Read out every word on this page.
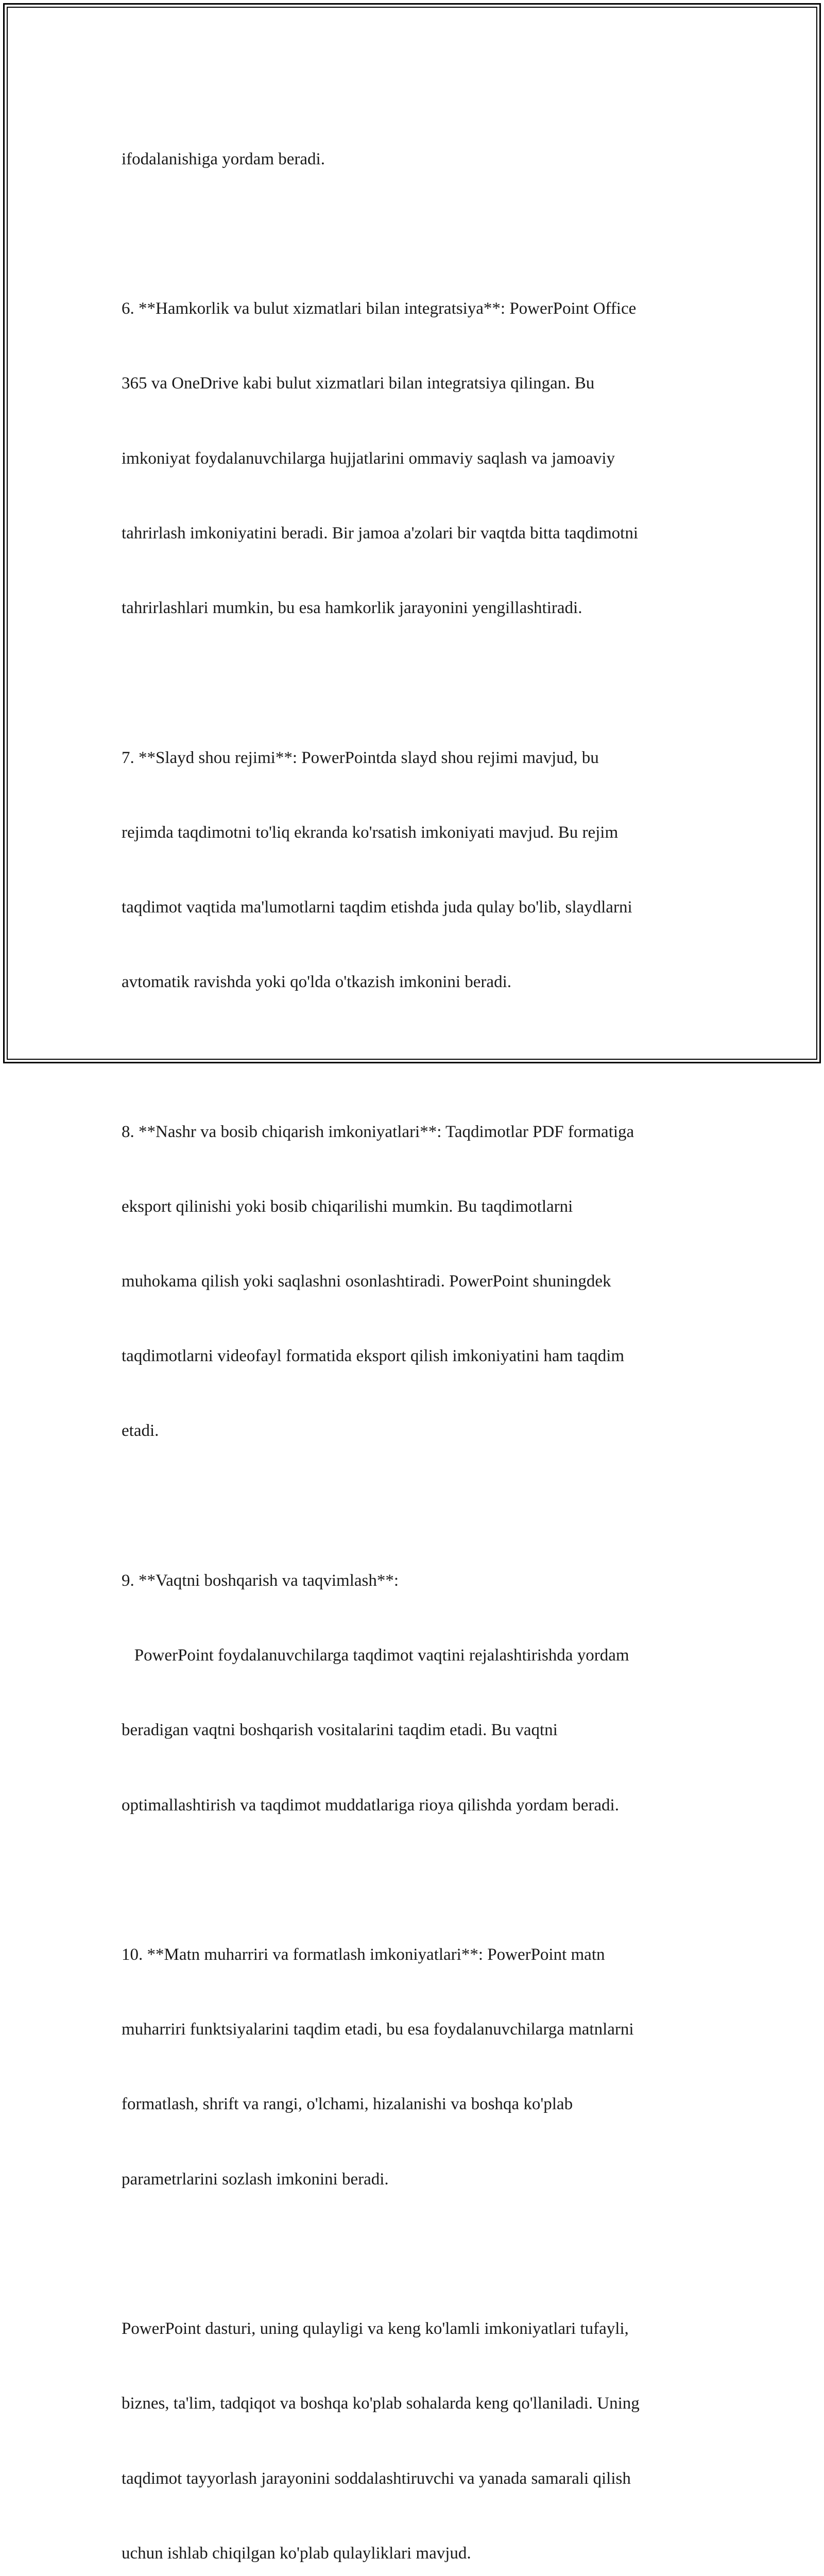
ifodalanishiga yordam beradi.

6. **Hamkorlik va bulut xizmatlari bilan integratsiya**: PowerPoint Office

365 va OneDrive kabi bulut xizmatlari bilan integratsiya qilingan. Bu

imkoniyat foydalanuvchilarga hujjatlarini ommaviy saqlash va jamoaviy

tahrirlash imkoniyatini beradi. Bir jamoa a'zolari bir vaqtda bitta taqdimotni

tahrirlashlari mumkin, bu esa hamkorlik jarayonini yengillashtiradi.

7. **Slayd shou rejimi**: PowerPointda slayd shou rejimi mavjud, bu

rejimda taqdimotni to'liq ekranda ko'rsatish imkoniyati mavjud. Bu rejim

taqdimot vaqtida ma'lumotlarni taqdim etishda juda qulay bo'lib, slaydlarni

avtomatik ravishda yoki qo'lda o'tkazish imkonini beradi.

8. **Nashr va bosib chiqarish imkoniyatlari**: Taqdimotlar PDF formatiga

eksport qilinishi yoki bosib chiqarilishi mumkin. Bu taqdimotlarni

muhokama qilish yoki saqlashni osonlashtiradi. PowerPoint shuningdek

taqdimotlarni videofayl formatida eksport qilish imkoniyatini ham taqdim

etadi.

9. **Vaqtni boshqarish va taqvimlash**:

PowerPoint foydalanuvchilarga taqdimot vaqtini rejalashtirishda yordam

beradigan vaqtni boshqarish vositalarini taqdim etadi. Bu vaqtni

optimallashtirish va taqdimot muddatlariga rioya qilishda yordam beradi.

10. **Matn muharriri va formatlash imkoniyatlari**: PowerPoint matn

muharriri funktsiyalarini taqdim etadi, bu esa foydalanuvchilarga matnlarni

formatlash, shrift va rangi, o'lchami, hizalanishi va boshqa ko'plab

parametrlarini sozlash imkonini beradi.

PowerPoint dasturi, uning qulayligi va keng ko'lamli imkoniyatlari tufayli,

biznes, ta'lim, tadqiqot va boshqa ko'plab sohalarda keng qo'llaniladi. Uning

taqdimot tayyorlash jarayonini soddalashtiruvchi va yanada samarali qilish

uchun ishlab chiqilgan ko'plab qulayliklari mavjud.
